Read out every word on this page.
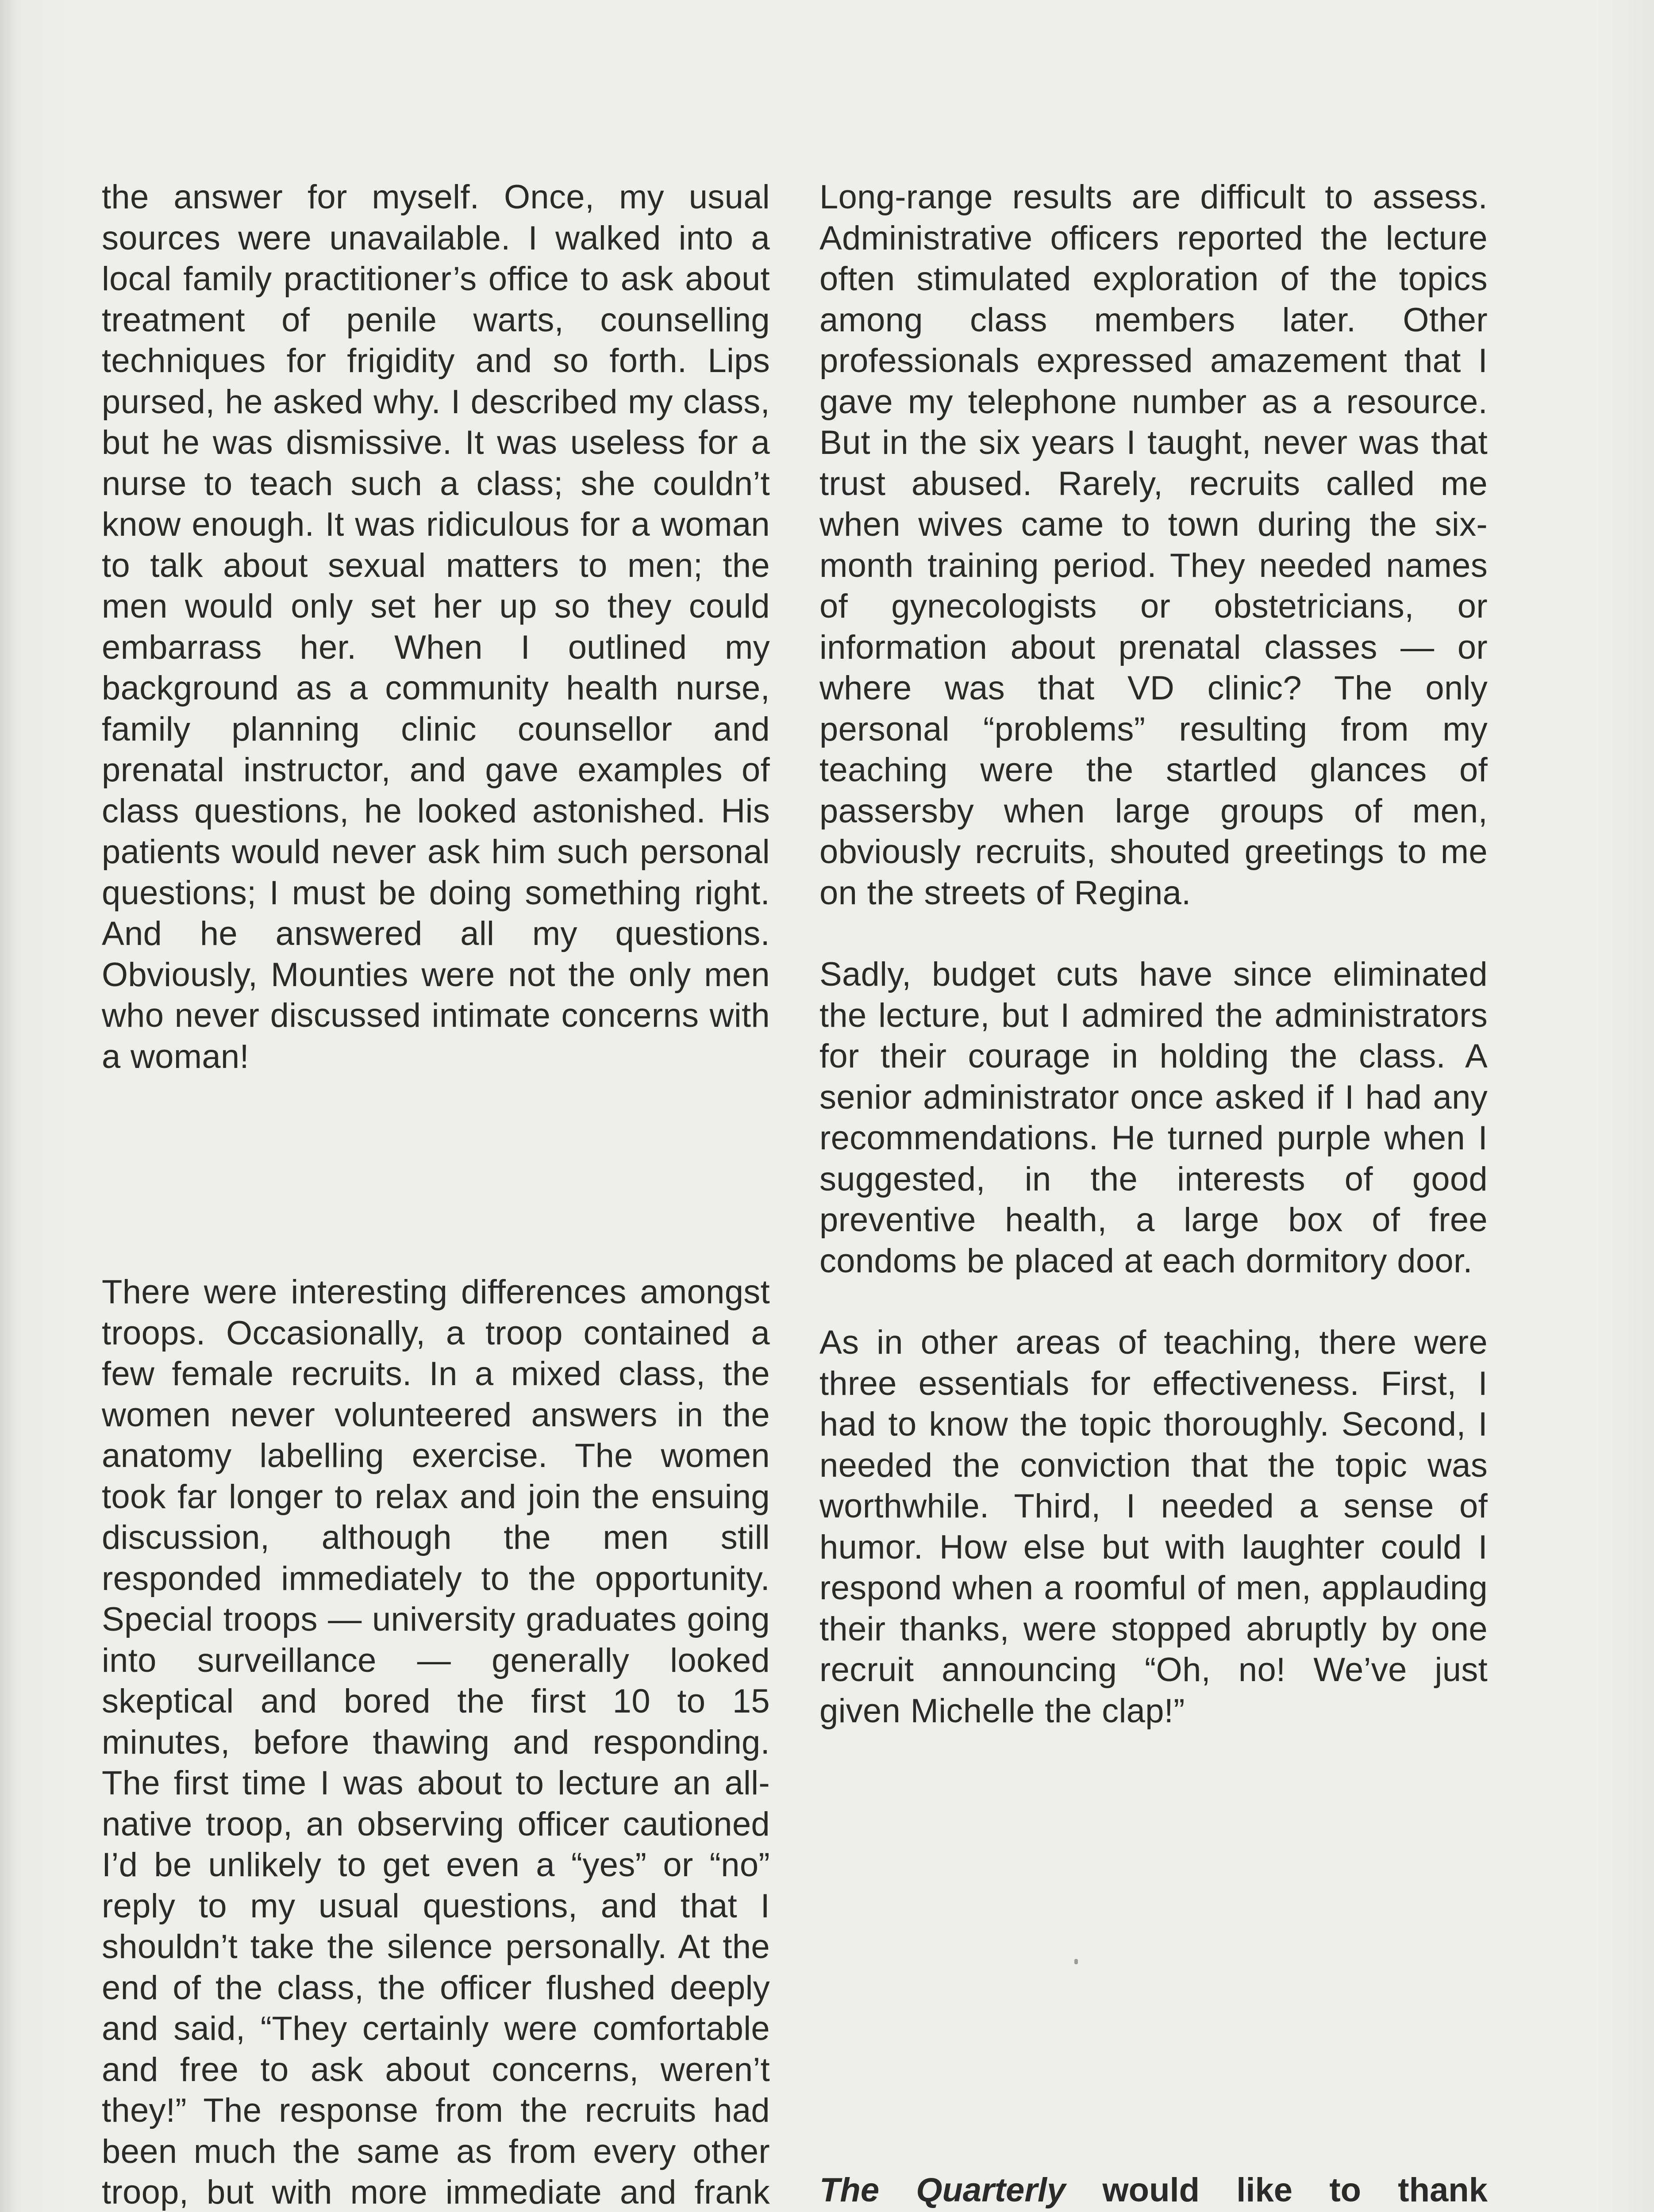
the answer for myself. Once, my usual sources were unavailable. I walked into a local family practitioner’s office to ask about treatment of penile warts, counselling techniques for frigidity and so forth. Lips pursed, he asked why. I described my class, but he was dismissive. It was useless for a nurse to teach such a class; she couldn’t know enough. It was ridiculous for a woman to talk about sexual matters to men; the men would only set her up so they could embarrass her. When I outlined my background as a community health nurse, family planning clinic counsellor and prenatal instructor, and gave examples of class questions, he looked astonished. His patients would never ask him such personal questions; I must be doing something right. And he answered all my questions. Obviously, Mounties were not the only men who never discussed intimate concerns with a woman!

There were interesting differences amongst troops. Occasionally, a troop contained a few female recruits. In a mixed class, the women never volunteered answers in the anatomy labelling exercise. The women took far longer to relax and join the ensuing discussion, although the men still responded immediately to the opportunity. Special troops — university graduates going into surveillance — generally looked skeptical and bored the first 10 to 15 minutes, before thawing and responding. The first time I was about to lecture an all-native troop, an observing officer cautioned I’d be unlikely to get even a “yes” or “no” reply to my usual questions, and that I shouldn’t take the silence personally. At the end of the class, the officer flushed deeply and said, “They certainly were comfortable and free to ask about concerns, weren’t they!” The response from the recruits had been much the same as from every other troop, but with more immediate and frank

Long-range results are difficult to assess. Administrative officers reported the lecture often stimulated exploration of the topics among class members later. Other professionals expressed amazement that I gave my telephone number as a resource. But in the six years I taught, never was that trust abused. Rarely, recruits called me when wives came to town during the six-month training period. They needed names of gynecologists or obstetricians, or information about prenatal classes — or where was that VD clinic? The only personal “problems” resulting from my teaching were the startled glances of passersby when large groups of men, obviously recruits, shouted greetings to me on the streets of Regina.

Sadly, budget cuts have since eliminated the lecture, but I admired the administrators for their courage in holding the class. A senior administrator once asked if I had any recommendations. He turned purple when I suggested, in the interests of good preventive health, a large box of free condoms be placed at each dormitory door.

As in other areas of teaching, there were three essentials for effectiveness. First, I had to know the topic thoroughly. Second, I needed the conviction that the topic was worthwhile. Third, I needed a sense of humor. How else but with laughter could I respond when a roomful of men, applauding their thanks, were stopped abruptly by one recruit announcing “Oh, no! We’ve just given Michelle the clap!”

The Quarterly would like to thank
